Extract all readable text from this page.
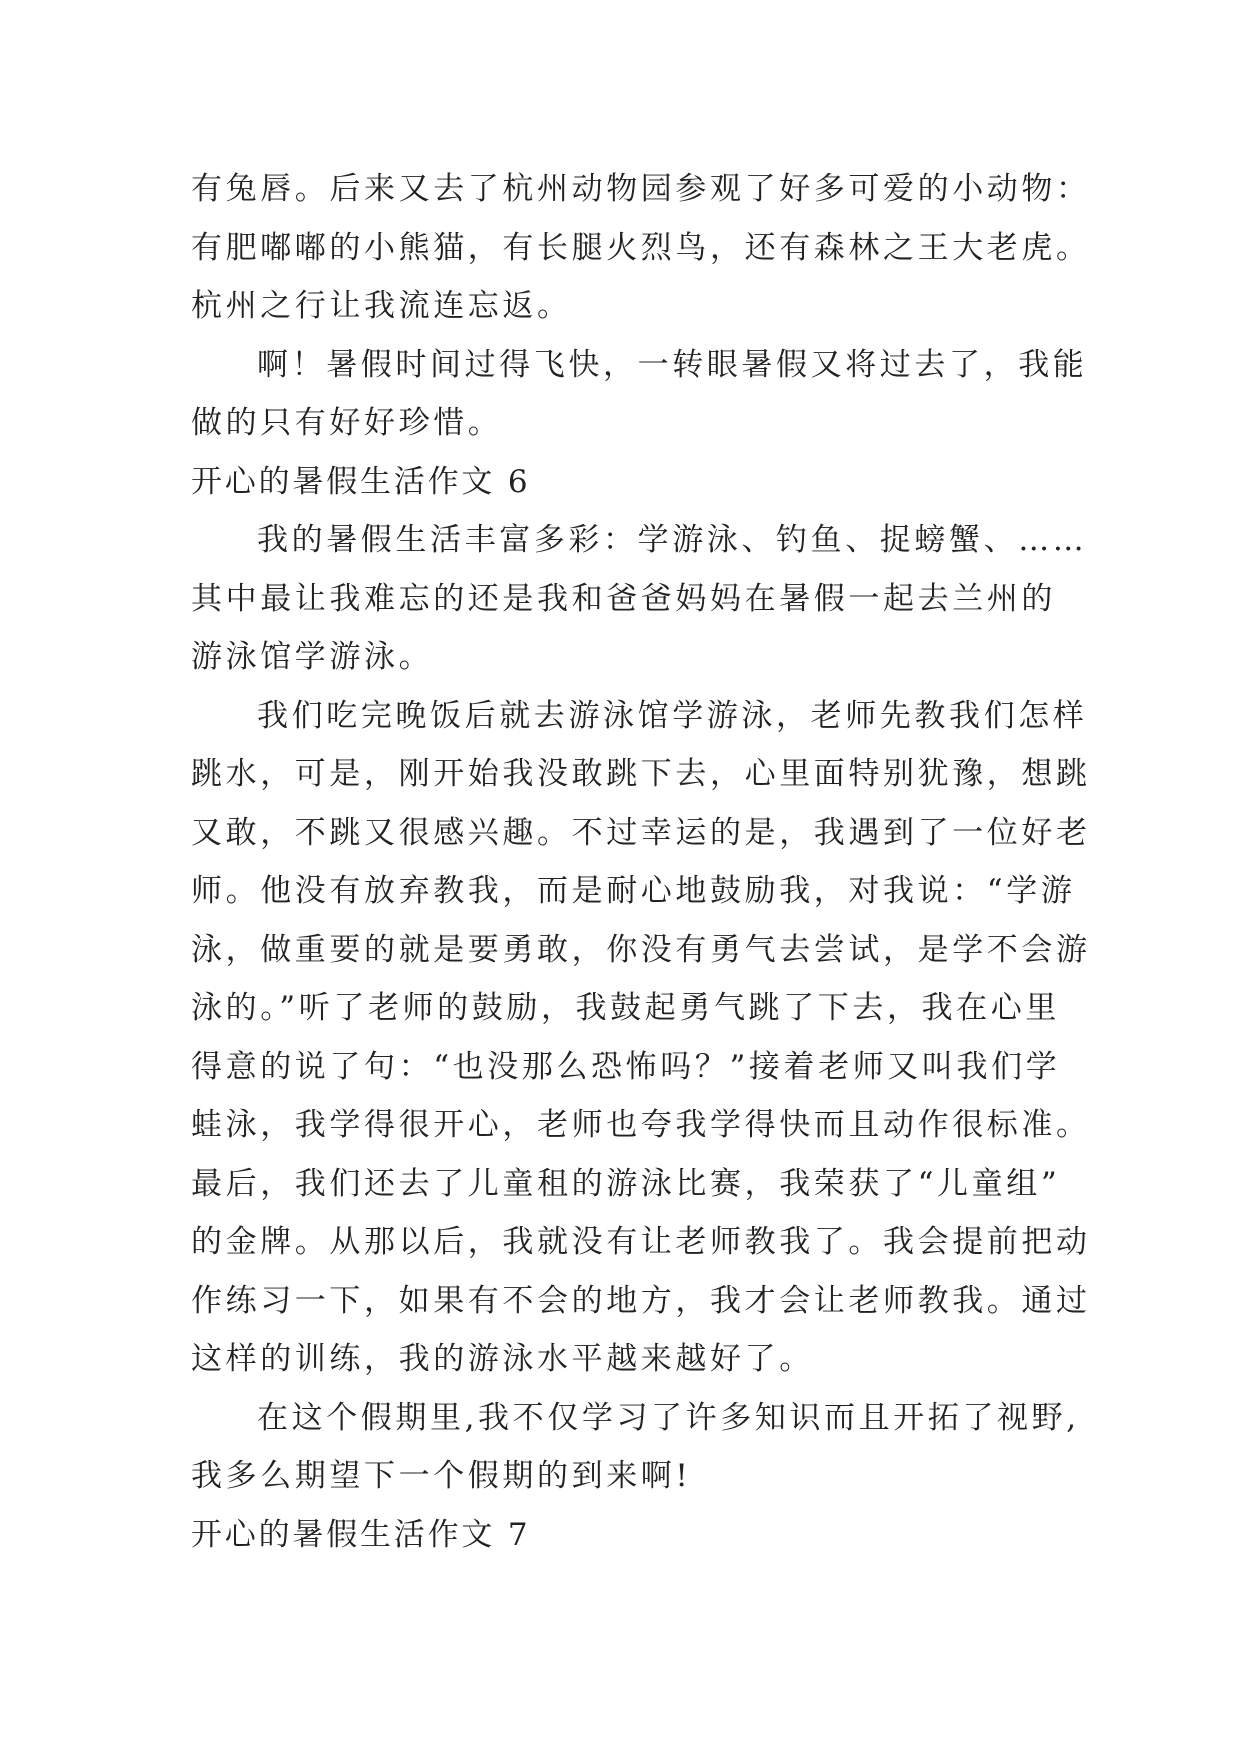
有兔唇。后来又去了杭州动物园参观了好多可爱的小动物：
有肥嘟嘟的小熊猫，有长腿火烈鸟，还有森林之王大老虎。
杭州之行让我流连忘返。
啊！暑假时间过得飞快，一转眼暑假又将过去了，我能
做的只有好好珍惜。
开心的暑假生活作文 6
我的暑假生活丰富多彩：学游泳、钓鱼、捉螃蟹、……
其中最让我难忘的还是我和爸爸妈妈在暑假一起去兰州的
游泳馆学游泳。
我们吃完晚饭后就去游泳馆学游泳，老师先教我们怎样
跳水，可是，刚开始我没敢跳下去，心里面特别犹豫，想跳
又敢，不跳又很感兴趣。不过幸运的是，我遇到了一位好老
师。他没有放弃教我，而是耐心地鼓励我，对我说：“学游
泳，做重要的就是要勇敢，你没有勇气去尝试，是学不会游
泳的。”听了老师的鼓励，我鼓起勇气跳了下去，我在心里
得意的说了句：“也没那么恐怖吗？”接着老师又叫我们学
蛙泳，我学得很开心，老师也夸我学得快而且动作很标准。
最后，我们还去了儿童租的游泳比赛，我荣获了“儿童组”
的金牌。从那以后，我就没有让老师教我了。我会提前把动
作练习一下，如果有不会的地方，我才会让老师教我。通过
这样的训练，我的游泳水平越来越好了。
在这个假期里,我不仅学习了许多知识而且开拓了视野,
我多么期望下一个假期的到来啊!
开心的暑假生活作文 7
